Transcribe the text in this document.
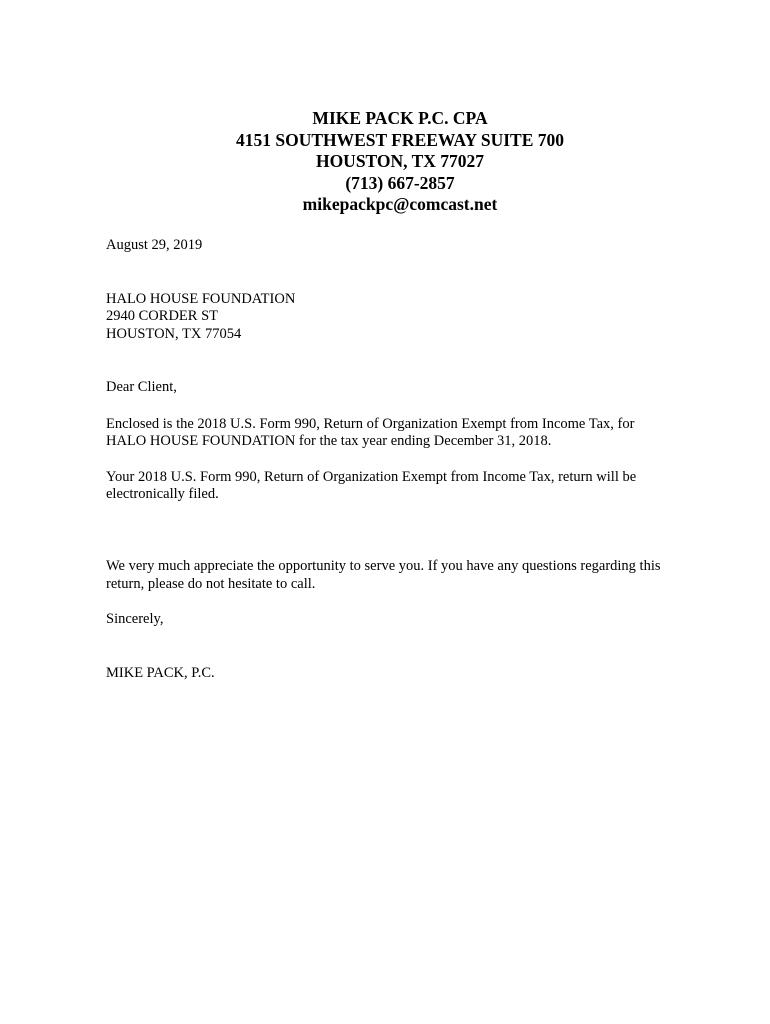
MIKE PACK P.C. CPA
4151 SOUTHWEST FREEWAY SUITE 700
HOUSTON, TX 77027
(713) 667-2857
mikepackpc@comcast.net
August 29, 2019
HALO HOUSE FOUNDATION
2940 CORDER ST
HOUSTON, TX 77054
Dear Client,
Enclosed is the 2018 U.S. Form 990, Return of Organization Exempt from Income Tax, for
HALO HOUSE FOUNDATION for the tax year ending December 31, 2018.
Your 2018 U.S. Form 990, Return of Organization Exempt from Income Tax, return will be
electronically filed.
We very much appreciate the opportunity to serve you. If you have any questions regarding this
return, please do not hesitate to call.
Sincerely,
MIKE PACK, P.C.
